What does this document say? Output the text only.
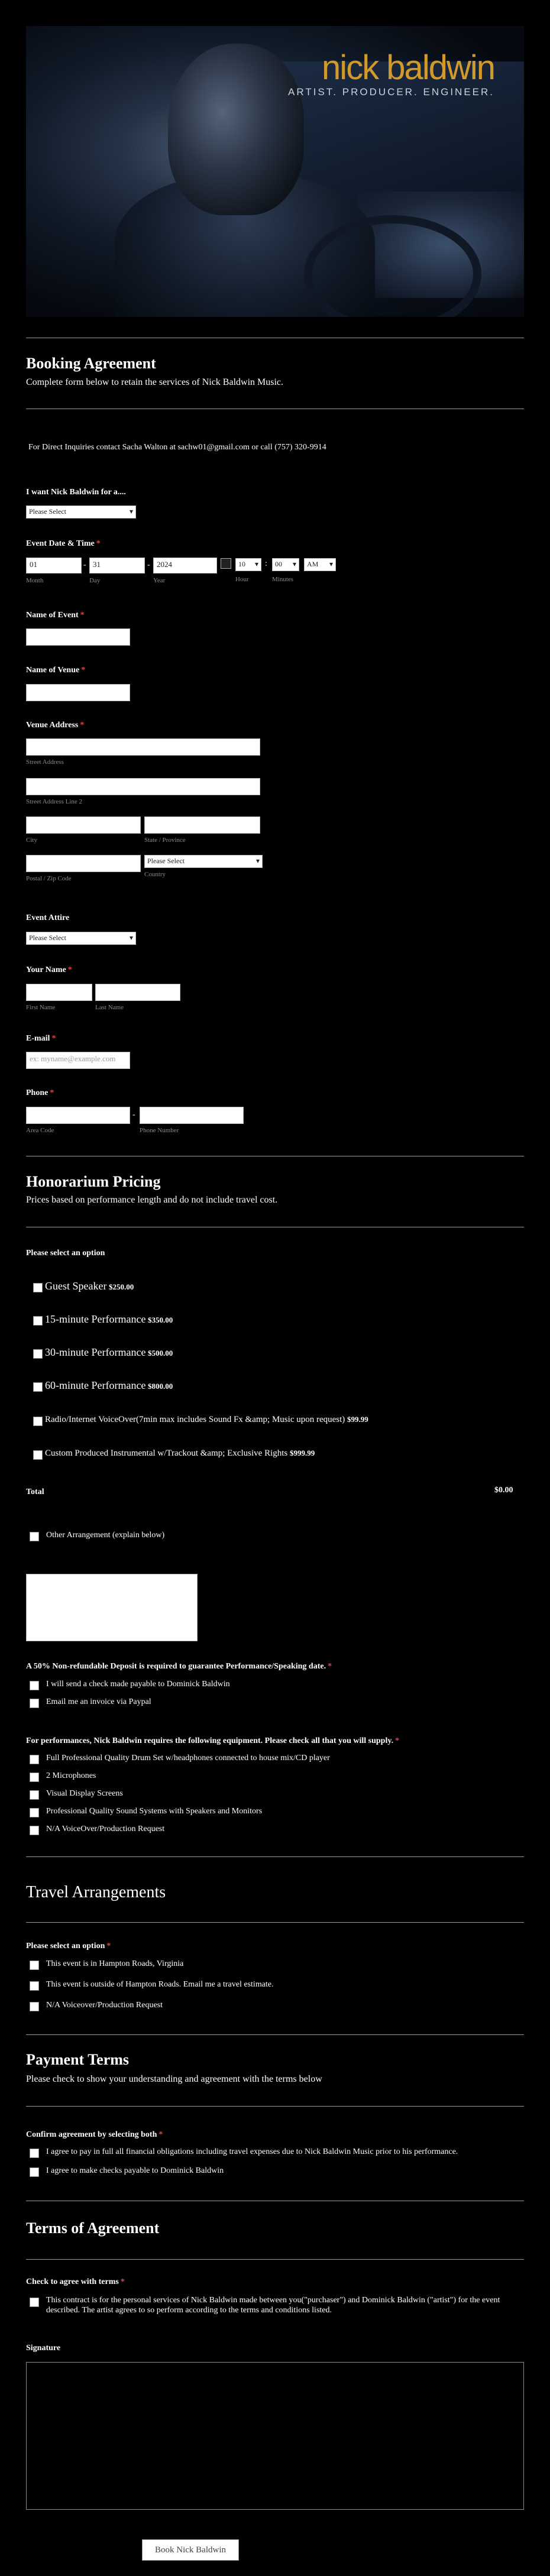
nick baldwin
ARTIST. PRODUCER. ENGINEER.
Booking Agreement
Complete form below to retain the services of Nick Baldwin Music.
For Direct Inquiries contact Sacha Walton at sachw01@gmail.com or call (757) 320-9914
I want Nick Baldwin for a....
Please Select ▾
Event Date & Time *
01	- 31	- 2024	10 ▾	:	00 ▾	AM ▾
Month	Day	Year	Hour	Minutes
Name of Event *
Name of Venue *
Venue Address *
Street Address
Street Address Line 2
City	State / Province
Please Select ▾
Country
Postal / Zip Code
Event Attire
Please Select ▾
Your Name *
First Name	Last Name
E-mail *
ex: myname@example.com
Phone *
-
Area Code	Phone Number
Honorarium Pricing
Prices based on performance length and do not include travel cost.
Please select an option
Guest Speaker $250.00
15-minute Performance $350.00
30-minute Performance $500.00
60-minute Performance $800.00
Radio/Internet VoiceOver(7min max includes Sound Fx &amp; Music upon request) $99.99
Custom Produced Instrumental w/Trackout &amp; Exclusive Rights $999.99
Total	$0.00
Other Arrangement (explain below)
A 50% Non-refundable Deposit is required to guarantee Performance/Speaking date. *
I will send a check made payable to Dominick Baldwin
Email me an invoice via Paypal
For performances, Nick Baldwin requires the following equipment. Please check all that you will supply. *
Full Professional Quality Drum Set w/headphones connected to house mix/CD player
2 Microphones
Visual Display Screens
Professional Quality Sound Systems with Speakers and Monitors
N/A VoiceOver/Production Request
Travel Arrangements
Please select an option *
This event is in Hampton Roads, Virginia
This event is outside of Hampton Roads. Email me a travel estimate.
N/A Voiceover/Production Request
Payment Terms
Please check to show your understanding and agreement with the terms below
Confirm agreement by selecting both *
I agree to pay in full all financial obligations including travel expenses due to Nick Baldwin Music prior to his performance.
I agree to make checks payable to Dominick Baldwin
Terms of Agreement
Check to agree with terms *
This contract is for the personal services of Nick Baldwin made between you("purchaser") and Dominick Baldwin ("artist") for the event described. The artist agrees to so perform according to the terms and conditions listed.
Signature
Book Nick Baldwin
